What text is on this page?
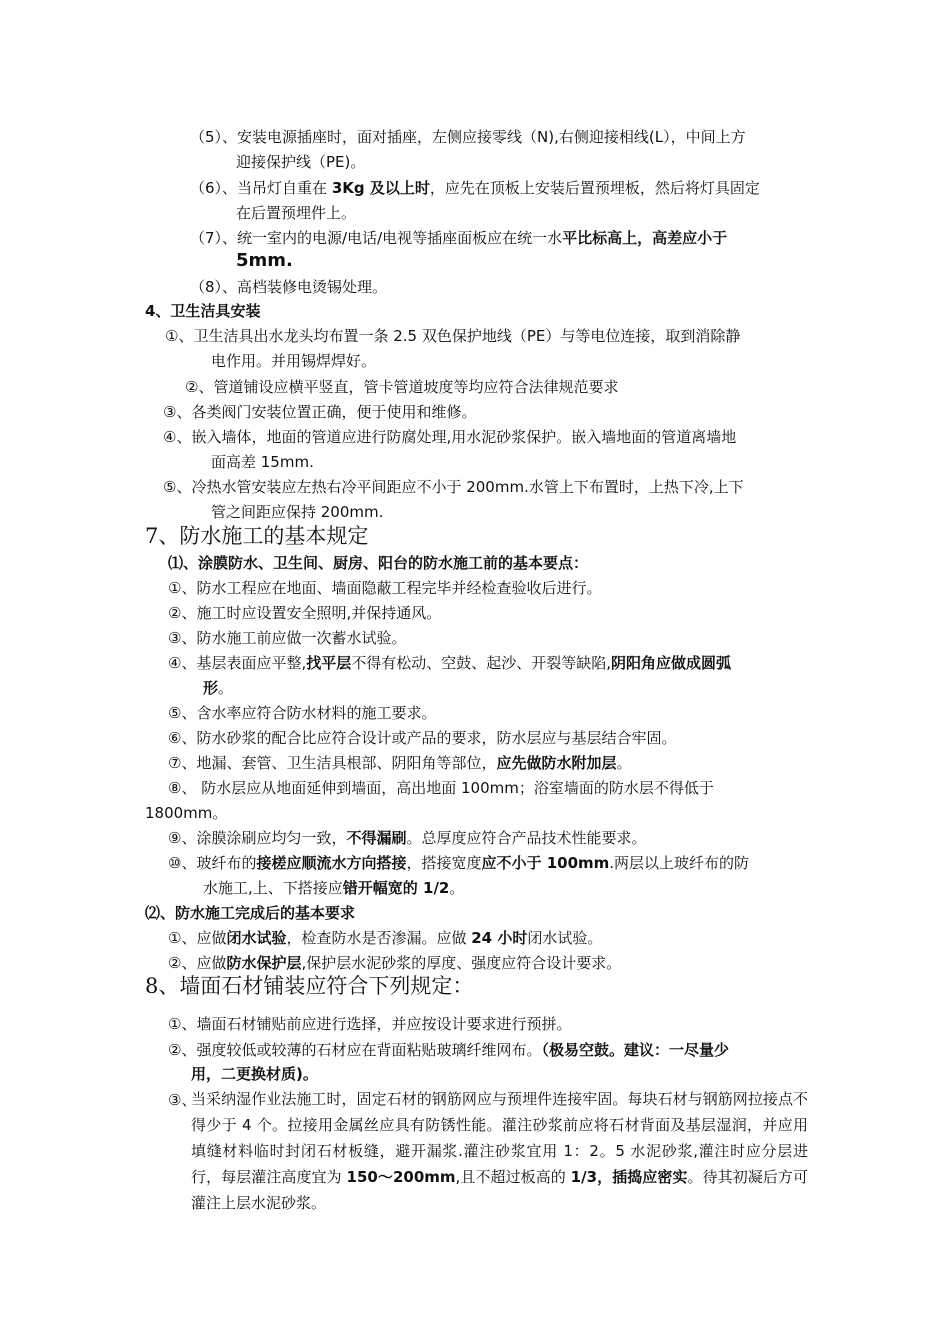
（5）、安装电源插座时，面对插座，左侧应接零线（N),右侧迎接相线(L），中间上方
迎接保护线（PE)。
（6）、当吊灯自重在 3Kg 及以上时，应先在顶板上安装后置预埋板，然后将灯具固定
在后置预埋件上。
（7）、统一室内的电源/电话/电视等插座面板应在统一水平比标高上，高差应小于
5mm.
（8）、高档装修电烫锡处理。
4、卫生洁具安装
①、卫生洁具出水龙头均布置一条 2.5 双色保护地线（PE）与等电位连接，取到消除静
电作用。并用锡焊焊好。
②、管道铺设应横平竖直，管卡管道坡度等均应符合法律规范要求
③、各类阀门安装位置正确，便于使用和维修。
④、嵌入墙体，地面的管道应进行防腐处理,用水泥砂浆保护。嵌入墙地面的管道离墙地
面高差 15mm.
⑤、冷热水管安装应左热右冷平间距应不小于 200mm.水管上下布置时，上热下冷,上下
管之间距应保持 200mm.
7、防水施工的基本规定
⑴、涂膜防水、卫生间、厨房、阳台的防水施工前的基本要点：
①、防水工程应在地面、墙面隐蔽工程完毕并经检查验收后进行。
②、施工时应设置安全照明,并保持通风。
③、防水施工前应做一次蓄水试验。
④、基层表面应平整,找平层不得有松动、空鼓、起沙、开裂等缺陷,阴阳角应做成圆弧
形。
⑤、含水率应符合防水材料的施工要求。
⑥、防水砂浆的配合比应符合设计或产品的要求，防水层应与基层结合牢固。
⑦、地漏、套管、卫生洁具根部、阴阳角等部位，应先做防水附加层。
⑧、 防水层应从地面延伸到墙面，高出地面 100mm；浴室墙面的防水层不得低于
1800mm。
⑨、涂膜涂刷应均匀一致，不得漏刷。总厚度应符合产品技术性能要求。
⑩、玻纤布的接槎应顺流水方向搭接，搭接宽度应不小于 100mm.两层以上玻纤布的防
水施工,上、下搭接应错开幅宽的 1/2。
⑵、防水施工完成后的基本要求
①、应做闭水试验，检查防水是否渗漏。应做 24 小时闭水试验。
②、应做防水保护层,保护层水泥砂浆的厚度、强度应符合设计要求。
8、墙面石材铺装应符合下列规定：
①、墙面石材铺贴前应进行选择，并应按设计要求进行预拼。
②、强度较低或较薄的石材应在背面粘贴玻璃纤维网布。（极易空鼓。建议：一尽量少
用，二更换材质)。
③、
当采纳湿作业法施工时，固定石材的钢筋网应与预埋件连接牢固。每块石材与钢筋网拉接点不得少于 4 个。拉接用金属丝应具有防锈性能。灌注砂浆前应将石材背面及基层湿润，并应用填缝材料临时封闭石材板缝，避开漏浆.灌注砂浆宜用 1：2。5 水泥砂浆,灌注时应分层进行，每层灌注高度宜为 150～200mm,且不超过板高的 1/3，插捣应密实。待其初凝后方可灌注上层水泥砂浆。
